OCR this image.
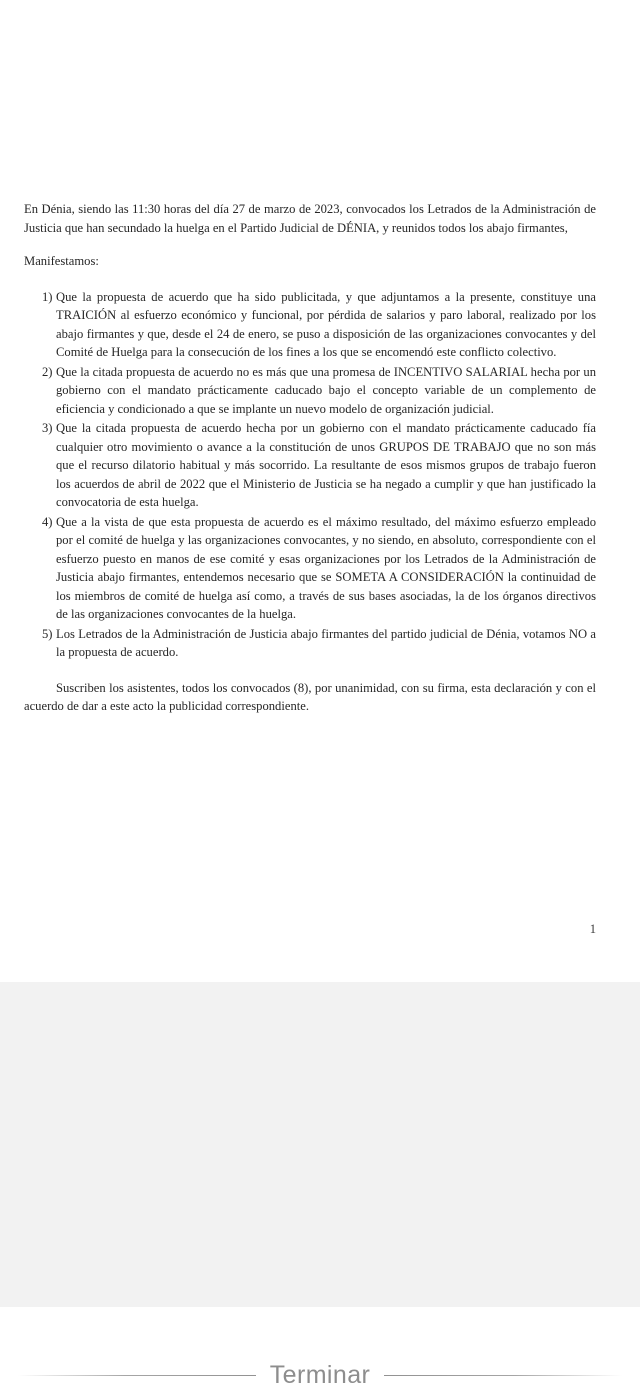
En Dénia, siendo las 11:30 horas del día 27 de marzo de 2023, convocados los Letrados de la Administración de Justicia que han secundado la huelga en el Partido Judicial de DÉNIA, y reunidos todos los abajo firmantes,

Manifestamos:

1) Que la propuesta de acuerdo que ha sido publicitada, y que adjuntamos a la presente, constituye una TRAICIÓN al esfuerzo económico y funcional, por pérdida de salarios y paro laboral, realizado por los abajo firmantes y que, desde el 24 de enero, se puso a disposición de las organizaciones convocantes y del Comité de Huelga para la consecución de los fines a los que se encomendó este conflicto colectivo.
2) Que la citada propuesta de acuerdo no es más que una promesa de INCENTIVO SALARIAL hecha por un gobierno con el mandato prácticamente caducado bajo el concepto variable de un complemento de eficiencia y condicionado a que se implante un nuevo modelo de organización judicial.
3) Que la citada propuesta de acuerdo hecha por un gobierno con el mandato prácticamente caducado fía cualquier otro movimiento o avance a la constitución de unos GRUPOS DE TRABAJO que no son más que el recurso dilatorio habitual y más socorrido. La resultante de esos mismos grupos de trabajo fueron los acuerdos de abril de 2022 que el Ministerio de Justicia se ha negado a cumplir y que han justificado la convocatoria de esta huelga.
4) Que a la vista de que esta propuesta de acuerdo es el máximo resultado, del máximo esfuerzo empleado por el comité de huelga y las organizaciones convocantes, y no siendo, en absoluto, correspondiente con el esfuerzo puesto en manos de ese comité y esas organizaciones por los Letrados de la Administración de Justicia abajo firmantes, entendemos necesario que se SOMETA A CONSIDERACIÓN la continuidad de los miembros de comité de huelga así como, a través de sus bases asociadas, la de los órganos directivos de las organizaciones convocantes de la huelga.
5) Los Letrados de la Administración de Justicia abajo firmantes del partido judicial de Dénia, votamos NO a la propuesta de acuerdo.

Suscriben los asistentes, todos los convocados (8), por unanimidad, con su firma, esta declaración y con el acuerdo de dar a este acto la publicidad correspondiente.

1
Terminar
